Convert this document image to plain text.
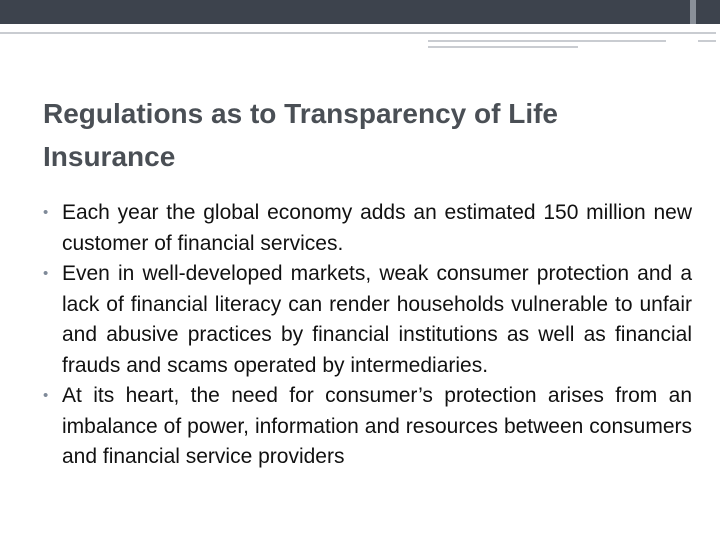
Regulations as to Transparency of Life Insurance
• Each year the global economy adds an estimated 150 million new customer of financial services.
• Even in well-developed markets, weak consumer protection and a lack of financial literacy can render households vulnerable to unfair and abusive practices by financial institutions as well as financial frauds and scams operated by intermediaries.
• At its heart, the need for consumer’s protection arises from an imbalance of power, information and resources between consumers and financial service providers
